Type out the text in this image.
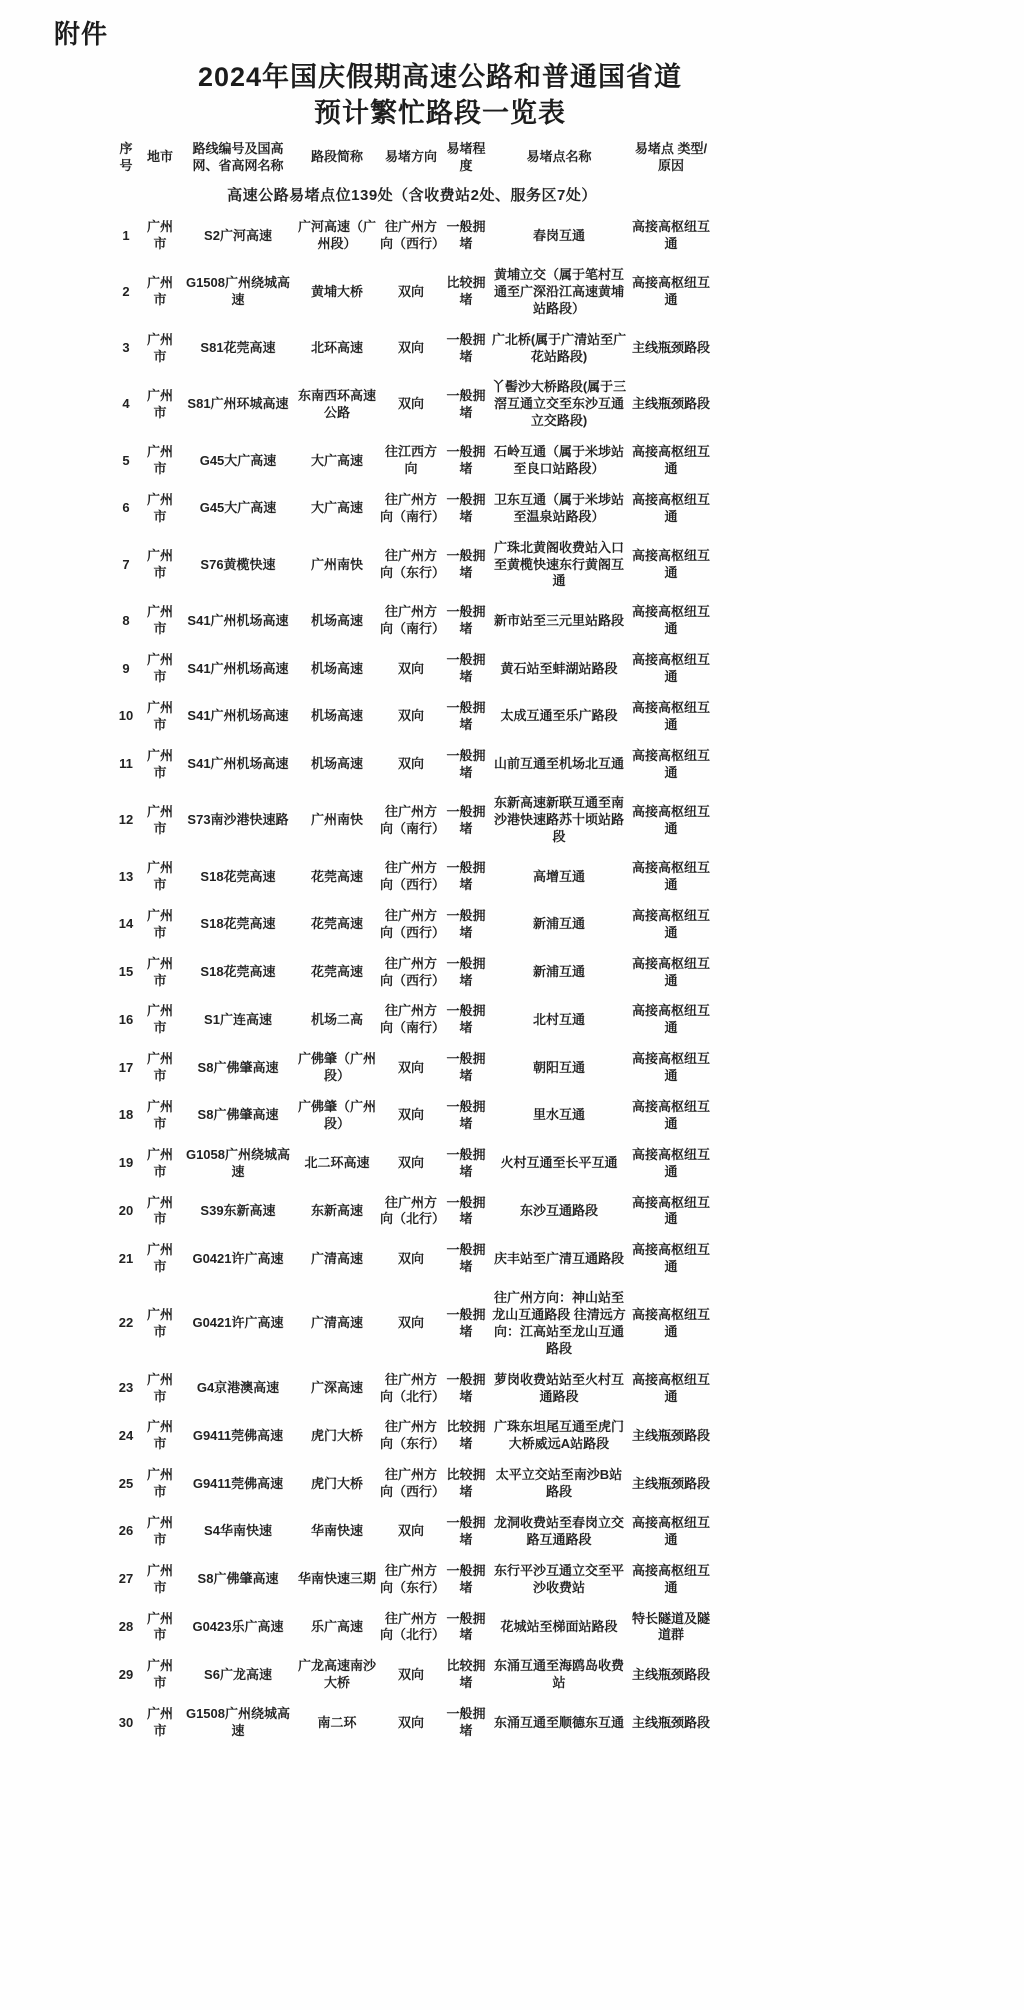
附件
2024年国庆假期高速公路和普通国省道
预计繁忙路段一览表
序号	地市	路线编号及国高网、省高网名称	路段简称	易堵方向	易堵程度	易堵点名称	易堵点 类型/原因
高速公路易堵点位139处（含收费站2处、服务区7处）							
1	广州市	S2广河高速	广河高速（广州段）	往广州方向（西行）	一般拥堵	春岗互通	高接高枢纽互通
2	广州市	G1508广州绕城高速	黄埔大桥	双向	比较拥堵	黄埔立交（属于笔村互通至广深沿江高速黄埔站路段）	高接高枢纽互通
3	广州市	S81花莞高速	北环高速	双向	一般拥堵	广北桥(属于广清站至广花站路段)	主线瓶颈路段
4	广州市	S81广州环城高速	东南西环高速公路	双向	一般拥堵	丫髻沙大桥路段(属于三滘互通立交至东沙互通立交路段)	主线瓶颈路段
5	广州市	G45大广高速	大广高速	往江西方向	一般拥堵	石岭互通（属于米埗站至良口站路段）	高接高枢纽互通
6	广州市	G45大广高速	大广高速	往广州方向（南行）	一般拥堵	卫东互通（属于米埗站至温泉站路段）	高接高枢纽互通
7	广州市	S76黄榄快速	广州南快	往广州方向（东行）	一般拥堵	广珠北黄阁收费站入口至黄榄快速东行黄阁互通	高接高枢纽互通
8	广州市	S41广州机场高速	机场高速	往广州方向（南行）	一般拥堵	新市站至三元里站路段	高接高枢纽互通
9	广州市	S41广州机场高速	机场高速	双向	一般拥堵	黄石站至蚌湖站路段	高接高枢纽互通
10	广州市	S41广州机场高速	机场高速	双向	一般拥堵	太成互通至乐广路段	高接高枢纽互通
11	广州市	S41广州机场高速	机场高速	双向	一般拥堵	山前互通至机场北互通	高接高枢纽互通
12	广州市	S73南沙港快速路	广州南快	往广州方向（南行）	一般拥堵	东新高速新联互通至南沙港快速路苏十顷站路段	高接高枢纽互通
13	广州市	S18花莞高速	花莞高速	往广州方向（西行）	一般拥堵	高增互通	高接高枢纽互通
14	广州市	S18花莞高速	花莞高速	往广州方向（西行）	一般拥堵	新浦互通	高接高枢纽互通
15	广州市	S18花莞高速	花莞高速	往广州方向（西行）	一般拥堵	新浦互通	高接高枢纽互通
16	广州市	S1广连高速	机场二高	往广州方向（南行）	一般拥堵	北村互通	高接高枢纽互通
17	广州市	S8广佛肇高速	广佛肇（广州段）	双向	一般拥堵	朝阳互通	高接高枢纽互通
18	广州市	S8广佛肇高速	广佛肇（广州段）	双向	一般拥堵	里水互通	高接高枢纽互通
19	广州市	G1058广州绕城高速	北二环高速	双向	一般拥堵	火村互通至长平互通	高接高枢纽互通
20	广州市	S39东新高速	东新高速	往广州方向（北行）	一般拥堵	东沙互通路段	高接高枢纽互通
21	广州市	G0421许广高速	广清高速	双向	一般拥堵	庆丰站至广清互通路段	高接高枢纽互通
22	广州市	G0421许广高速	广清高速	双向	一般拥堵	往广州方向：神山站至龙山互通路段 往清远方向：江高站至龙山互通路段	高接高枢纽互通
23	广州市	G4京港澳高速	广深高速	往广州方向（北行）	一般拥堵	萝岗收费站站至火村互通路段	高接高枢纽互通
24	广州市	G9411莞佛高速	虎门大桥	往广州方向（东行）	比较拥堵	广珠东坦尾互通至虎门大桥威远A站路段	主线瓶颈路段
25	广州市	G9411莞佛高速	虎门大桥	往广州方向（西行）	比较拥堵	太平立交站至南沙B站路段	主线瓶颈路段
26	广州市	S4华南快速	华南快速	双向	一般拥堵	龙洞收费站至春岗立交路互通路段	高接高枢纽互通
27	广州市	S8广佛肇高速	华南快速三期	往广州方向（东行）	一般拥堵	东行平沙互通立交至平沙收费站	高接高枢纽互通
28	广州市	G0423乐广高速	乐广高速	往广州方向（北行）	一般拥堵	花城站至梯面站路段	特长隧道及隧道群
29	广州市	S6广龙高速	广龙高速南沙大桥	双向	比较拥堵	东涌互通至海鸥岛收费站	主线瓶颈路段
30	广州市	G1508广州绕城高速	南二环	双向	一般拥堵	东涌互通至顺德东互通	主线瓶颈路段
